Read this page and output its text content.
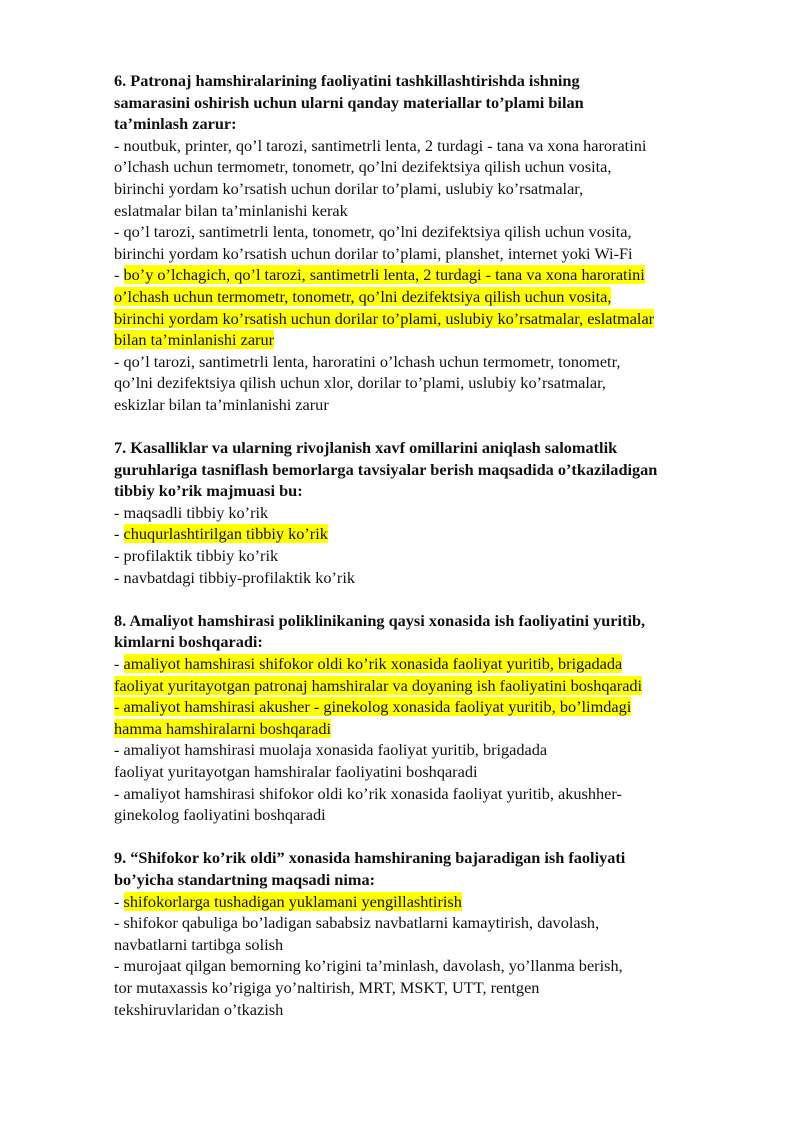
6. Patronaj hamshiralarining faoliyatini tashkillashtirishda ishning
samarasini oshirish uchun ularni qanday materiallar to’plami bilan
ta’minlash zarur:
- noutbuk, printer, qo’l tarozi, santimetrli lenta, 2 turdagi - tana va xona haroratini
o’lchash uchun termometr, tonometr, qo’lni dezifektsiya qilish uchun vosita,
birinchi yordam ko’rsatish uchun dorilar to’plami, uslubiy ko’rsatmalar,
eslatmalar bilan ta’minlanishi kerak
- qo’l tarozi, santimetrli lenta, tonometr, qo’lni dezifektsiya qilish uchun vosita,
birinchi yordam ko’rsatish uchun dorilar to’plami, planshet, internet yoki Wi-Fi
- bo’y o’lchagich, qo’l tarozi, santimetrli lenta, 2 turdagi - tana va xona haroratini
o’lchash uchun termometr, tonometr, qo’lni dezifektsiya qilish uchun vosita,
birinchi yordam ko’rsatish uchun dorilar to’plami, uslubiy ko’rsatmalar, eslatmalar
bilan ta’minlanishi zarur
- qo’l tarozi, santimetrli lenta, haroratini o’lchash uchun termometr, tonometr,
qo’lni dezifektsiya qilish uchun xlor, dorilar to’plami, uslubiy ko’rsatmalar,
eskizlar bilan ta’minlanishi zarur
7. Kasalliklar va ularning rivojlanish xavf omillarini aniqlash salomatlik
guruhlariga tasniflash bemorlarga tavsiyalar berish maqsadida o’tkaziladigan
tibbiy ko’rik majmuasi bu:
- maqsadli tibbiy ko’rik
- chuqurlashtirilgan tibbiy ko’rik
- profilaktik tibbiy ko’rik
- navbatdagi tibbiy-profilaktik ko’rik
8. Amaliyot hamshirasi poliklinikaning qaysi xonasida ish faoliyatini yuritib,
kimlarni boshqaradi:
- amaliyot hamshirasi shifokor oldi ko’rik xonasida faoliyat yuritib, brigadada
faoliyat yuritayotgan patronaj hamshiralar va doyaning ish faoliyatini boshqaradi
- amaliyot hamshirasi akusher - ginekolog xonasida faoliyat yuritib, bo’limdagi
hamma hamshiralarni boshqaradi
- amaliyot hamshirasi muolaja xonasida faoliyat yuritib, brigadada
faoliyat yuritayotgan hamshiralar faoliyatini boshqaradi
- amaliyot hamshirasi shifokor oldi ko’rik xonasida faoliyat yuritib, akushher-
ginekolog faoliyatini boshqaradi
9. “Shifokor ko’rik oldi” xonasida hamshiraning bajaradigan ish faoliyati
bo’yicha standartning maqsadi nima:
- shifokorlarga tushadigan yuklamani yengillashtirish
- shifokor qabuliga bo’ladigan sababsiz navbatlarni kamaytirish, davolash,
navbatlarni tartibga solish
- murojaat qilgan bemorning ko’rigini ta’minlash, davolash, yo’llanma berish,
tor mutaxassis ko’rigiga yo’naltirish, MRT, MSKT, UTT, rentgen
tekshiruvlaridan o’tkazish
